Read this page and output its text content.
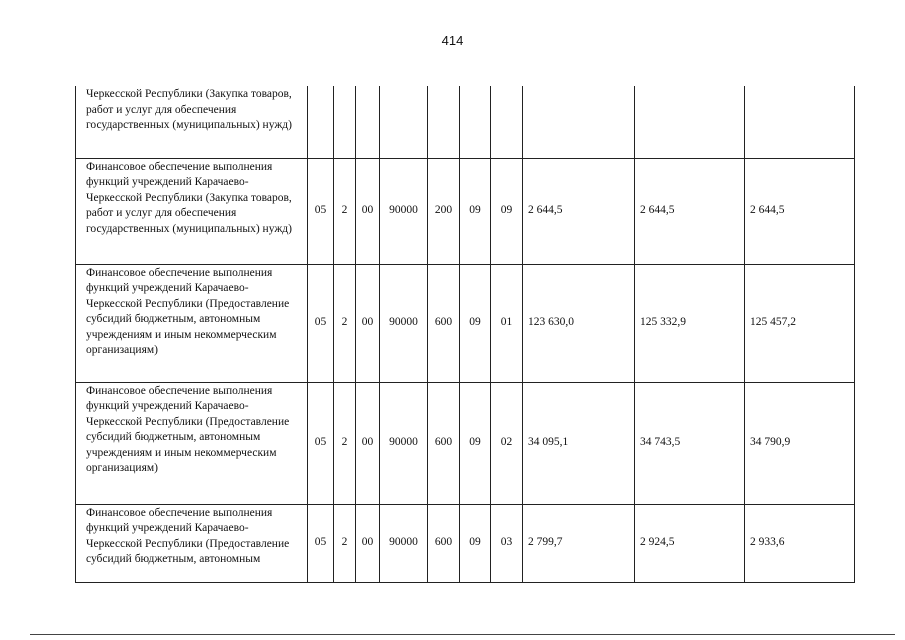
414
Черкесской Республики (Закупка товаров, работ и услуг для обеспечения государственных (муниципальных) нужд)										
Финансовое обеспечение выполнения функций учреждений Карачаево-Черкесской Республики (Закупка товаров, работ и услуг для обеспечения государственных (муниципальных) нужд)	05	2	00	90000	200	09	09	2 644,5	2 644,5	2 644,5
Финансовое обеспечение выполнения функций учреждений Карачаево-Черкесской Республики (Предоставление субсидий бюджетным, автономным учреждениям и иным некоммерческим организациям)	05	2	00	90000	600	09	01	123 630,0	125 332,9	125 457,2
Финансовое обеспечение выполнения функций учреждений Карачаево-Черкесской Республики (Предоставление субсидий бюджетным, автономным учреждениям и иным некоммерческим организациям)	05	2	00	90000	600	09	02	34 095,1	34 743,5	34 790,9
Финансовое обеспечение выполнения функций учреждений Карачаево-Черкесской Республики (Предоставление субсидий бюджетным, автономным	05	2	00	90000	600	09	03	2 799,7	2 924,5	2 933,6
